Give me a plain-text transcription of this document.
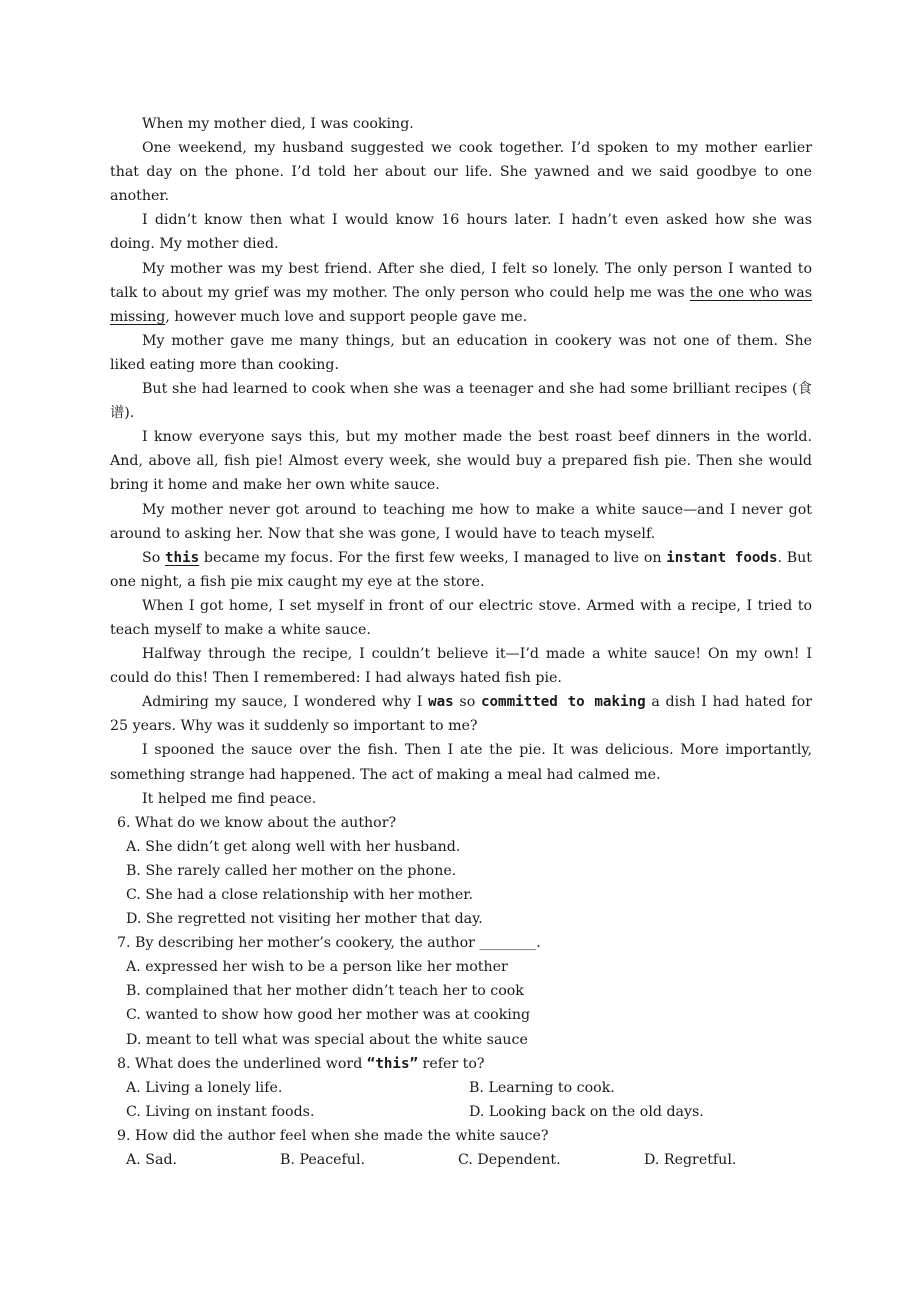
When my mother died, I was cooking.

One weekend, my husband suggested we cook together. I’d spoken to my mother earlier that day on the phone. I’d told her about our life. She yawned and we said goodbye to one another.

I didn’t know then what I would know 16 hours later. I hadn’t even asked how she was doing. My mother died.

My mother was my best friend. After she died, I felt so lonely. The only person I wanted to talk to about my grief was my mother. The only person who could help me was the one who was missing, however much love and support people gave me.

My mother gave me many things, but an education in cookery was not one of them. She liked eating more than cooking.

But she had learned to cook when she was a teenager and she had some brilliant recipes (食谱).

I know everyone says this, but my mother made the best roast beef dinners in the world. And, above all, fish pie! Almost every week, she would buy a prepared fish pie. Then she would bring it home and make her own white sauce.

My mother never got around to teaching me how to make a white sauce—and I never got around to asking her. Now that she was gone, I would have to teach myself.

So this became my focus. For the first few weeks, I managed to live on instant foods. But one night, a fish pie mix caught my eye at the store.

When I got home, I set myself in front of our electric stove. Armed with a recipe, I tried to teach myself to make a white sauce.

Halfway through the recipe, I couldn’t believe it—I’d made a white sauce! On my own! I could do this! Then I remembered: I had always hated fish pie.

Admiring my sauce, I wondered why I was so committed to making a dish I had hated for 25 years. Why was it suddenly so important to me?

I spooned the sauce over the fish. Then I ate the pie. It was delicious. More importantly, something strange had happened. The act of making a meal had calmed me.

It helped me find peace.

6. What do we know about the author?

A. She didn’t get along well with her husband.

B. She rarely called her mother on the phone.

C. She had a close relationship with her mother.

D. She regretted not visiting her mother that day.

7. By describing her mother’s cookery, the author ________.

A. expressed her wish to be a person like her mother

B. complained that her mother didn’t teach her to cook

C. wanted to show how good her mother was at cooking

D. meant to tell what was special about the white sauce

8. What does the underlined word “this” refer to?

A. Living a lonely life.	B. Learning to cook.
C. Living on instant foods.	D. Looking back on the old days.

9. How did the author feel when she made the white sauce?

A. Sad.	B. Peaceful.	C. Dependent.	D. Regretful.
